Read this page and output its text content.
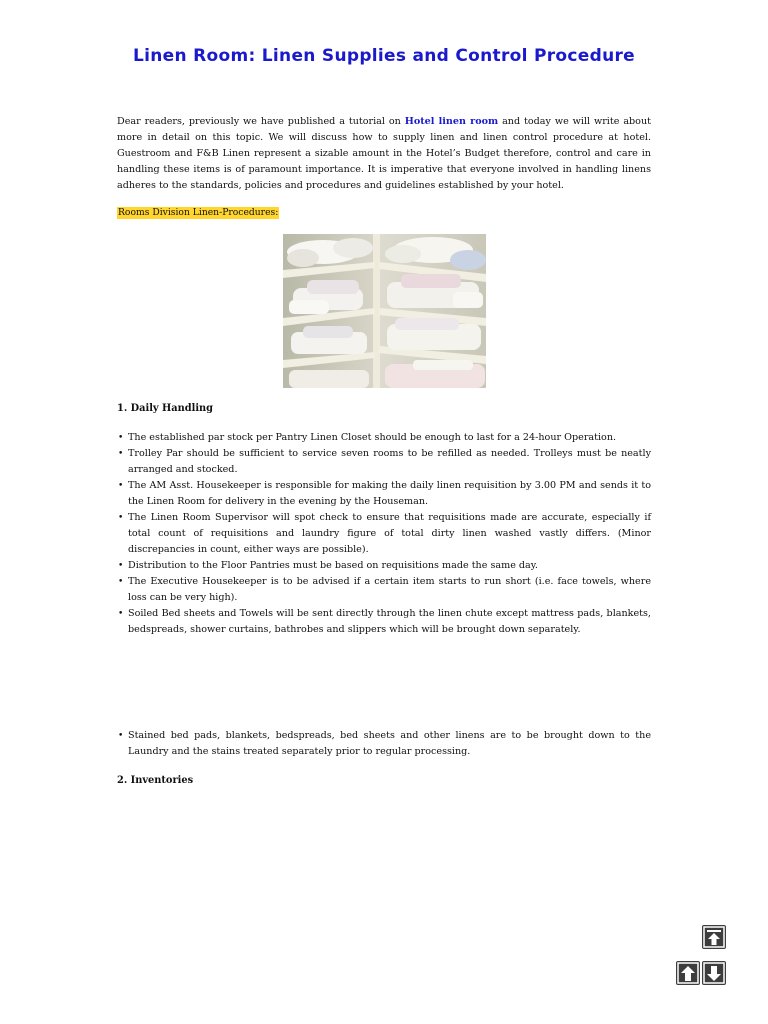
Linen Room: Linen Supplies and Control Procedure

Dear readers, previously we have published a tutorial on Hotel linen room and today we will write about more in detail on this topic. We will discuss how to supply linen and linen control procedure at hotel. Guestroom and F&B Linen represent a sizable amount in the Hotel’s Budget therefore, control and care in handling these items is of paramount importance. It is imperative that everyone involved in handling linens adheres to the standards, policies and procedures and guidelines established by your hotel.

Rooms Division Linen-Procedures:
1. Daily Handling
• The established par stock per Pantry Linen Closet should be enough to last for a 24-hour Operation.
• Trolley Par should be sufficient to service seven rooms to be refilled as needed. Trolleys must be neatly arranged and stocked.
• The AM Asst. Housekeeper is responsible for making the daily linen requisition by 3.00 PM and sends it to the Linen Room for delivery in the evening by the Houseman.
• The Linen Room Supervisor will spot check to ensure that requisitions made are accurate, especially if total count of requisitions and laundry figure of total dirty linen washed vastly differs. (Minor discrepancies in count, either ways are possible).
• Distribution to the Floor Pantries must be based on requisitions made the same day.
• The Executive Housekeeper is to be advised if a certain item starts to run short (i.e. face towels, where loss can be very high).
• Soiled Bed sheets and Towels will be sent directly through the linen chute except mattress pads, blankets, bedspreads, shower curtains, bathrobes and slippers which will be brought down separately.
• Stained bed pads, blankets, bedspreads, bed sheets and other linens are to be brought down to the Laundry and the stains treated separately prior to regular processing.
2. Inventories
